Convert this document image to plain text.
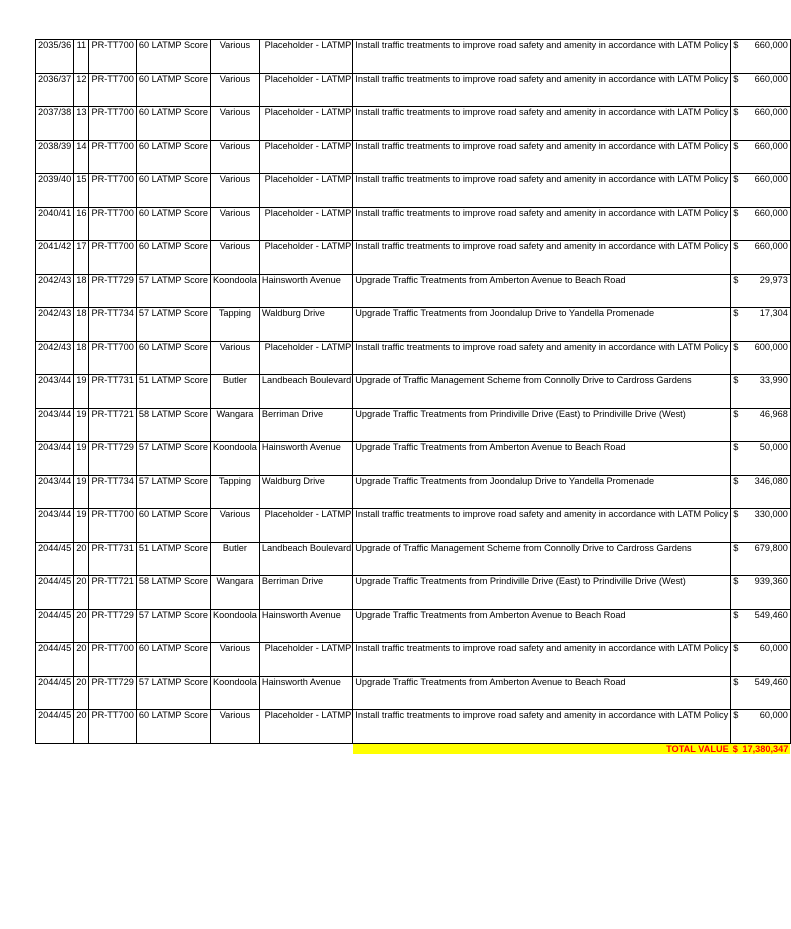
2035/36	11	PR-TT700	60 LATMP Score	Various	Placeholder - LATMP	Install traffic treatments to improve road safety and amenity in accordance with LATM Policy	$	660,000
2036/37	12	PR-TT700	60 LATMP Score	Various	Placeholder - LATMP	Install traffic treatments to improve road safety and amenity in accordance with LATM Policy	$	660,000
2037/38	13	PR-TT700	60 LATMP Score	Various	Placeholder - LATMP	Install traffic treatments to improve road safety and amenity in accordance with LATM Policy	$	660,000
2038/39	14	PR-TT700	60 LATMP Score	Various	Placeholder - LATMP	Install traffic treatments to improve road safety and amenity in accordance with LATM Policy	$	660,000
2039/40	15	PR-TT700	60 LATMP Score	Various	Placeholder - LATMP	Install traffic treatments to improve road safety and amenity in accordance with LATM Policy	$	660,000
2040/41	16	PR-TT700	60 LATMP Score	Various	Placeholder - LATMP	Install traffic treatments to improve road safety and amenity in accordance with LATM Policy	$	660,000
2041/42	17	PR-TT700	60 LATMP Score	Various	Placeholder - LATMP	Install traffic treatments to improve road safety and amenity in accordance with LATM Policy	$	660,000
2042/43	18	PR-TT729	57 LATMP Score	Koondoola	Hainsworth Avenue	Upgrade Traffic Treatments from Amberton Avenue to Beach Road	$	29,973
2042/43	18	PR-TT734	57 LATMP Score	Tapping	Waldburg Drive	Upgrade Traffic Treatments from Joondalup Drive to Yandella Promenade	$	17,304
2042/43	18	PR-TT700	60 LATMP Score	Various	Placeholder - LATMP	Install traffic treatments to improve road safety and amenity in accordance with LATM Policy	$	600,000
2043/44	19	PR-TT731	51 LATMP Score	Butler	Landbeach Boulevard	Upgrade of Traffic Management Scheme from Connolly Drive to Cardross Gardens	$	33,990
2043/44	19	PR-TT721	58 LATMP Score	Wangara	Berriman Drive	Upgrade Traffic Treatments from Prindiville Drive (East) to Prindiville Drive (West)	$	46,968
2043/44	19	PR-TT729	57 LATMP Score	Koondoola	Hainsworth Avenue	Upgrade Traffic Treatments from Amberton Avenue to Beach Road	$	50,000
2043/44	19	PR-TT734	57 LATMP Score	Tapping	Waldburg Drive	Upgrade Traffic Treatments from Joondalup Drive to Yandella Promenade	$	346,080
2043/44	19	PR-TT700	60 LATMP Score	Various	Placeholder - LATMP	Install traffic treatments to improve road safety and amenity in accordance with LATM Policy	$	330,000
2044/45	20	PR-TT731	51 LATMP Score	Butler	Landbeach Boulevard	Upgrade of Traffic Management Scheme from Connolly Drive to Cardross Gardens	$	679,800
2044/45	20	PR-TT721	58 LATMP Score	Wangara	Berriman Drive	Upgrade Traffic Treatments from Prindiville Drive (East) to Prindiville Drive (West)	$	939,360
2044/45	20	PR-TT729	57 LATMP Score	Koondoola	Hainsworth Avenue	Upgrade Traffic Treatments from Amberton Avenue to Beach Road	$	549,460
2044/45	20	PR-TT700	60 LATMP Score	Various	Placeholder - LATMP	Install traffic treatments to improve road safety and amenity in accordance with LATM Policy	$	60,000
2044/45	20	PR-TT729	57 LATMP Score	Koondoola	Hainsworth Avenue	Upgrade Traffic Treatments from Amberton Avenue to Beach Road	$	549,460
2044/45	20	PR-TT700	60 LATMP Score	Various	Placeholder - LATMP	Install traffic treatments to improve road safety and amenity in accordance with LATM Policy	$	60,000
						TOTAL VALUE	$	17,380,347
